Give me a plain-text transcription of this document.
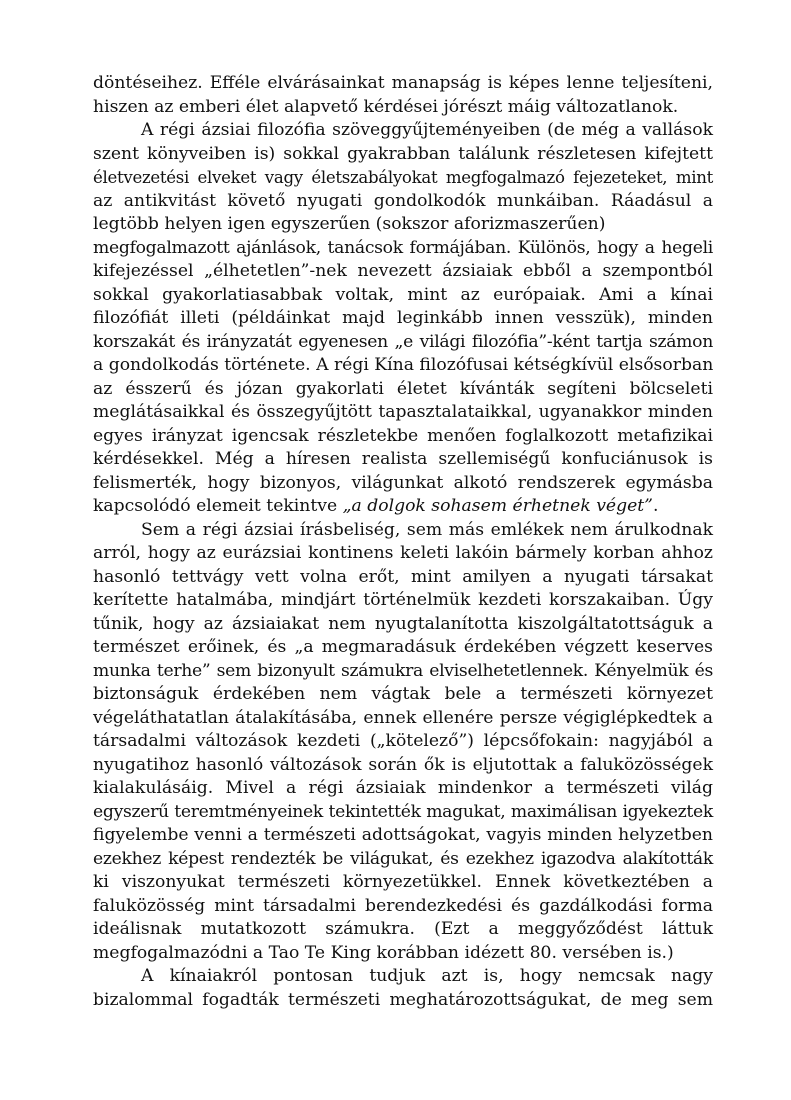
döntéseihez. Efféle elvárásainkat manapság is képes lenne teljesíteni,
hiszen az emberi élet alapvető kérdései jórészt máig változatlanok.
A régi ázsiai filozófia szöveggyűjteményeiben (de még a vallások
szent könyveiben is) sokkal gyakrabban találunk részletesen kifejtett
életvezetési elveket vagy életszabályokat megfogalmazó fejezeteket, mint
az antikvitást követő nyugati gondolkodók munkáiban. Ráadásul a
legtöbb helyen igen egyszerűen (sokszor aforizmaszerűen)
megfogalmazott ajánlások, tanácsok formájában. Különös, hogy a hegeli
kifejezéssel „élhetetlen”-nek nevezett ázsiaiak ebből a szempontból
sokkal gyakorlatiasabbak voltak, mint az európaiak. Ami a kínai
filozófiát illeti (példáinkat majd leginkább innen vesszük), minden
korszakát és irányzatát egyenesen „e világi filozófia”-ként tartja számon
a gondolkodás története. A régi Kína filozófusai kétségkívül elsősorban
az ésszerű és józan gyakorlati életet kívánták segíteni bölcseleti
meglátásaikkal és összegyűjtött tapasztalataikkal, ugyanakkor minden
egyes irányzat igencsak részletekbe menően foglalkozott metafizikai
kérdésekkel. Még a híresen realista szellemiségű konfuciánusok is
felismerték, hogy bizonyos, világunkat alkotó rendszerek egymásba
kapcsolódó elemeit tekintve „a dolgok sohasem érhetnek véget”.
Sem a régi ázsiai írásbeliség, sem más emlékek nem árulkodnak
arról, hogy az eurázsiai kontinens keleti lakóin bármely korban ahhoz
hasonló tettvágy vett volna erőt, mint amilyen a nyugati társakat
kerítette hatalmába, mindjárt történelmük kezdeti korszakaiban. Úgy
tűnik, hogy az ázsiaiakat nem nyugtalanította kiszolgáltatottságuk a
természet erőinek, és „a megmaradásuk érdekében végzett keserves
munka terhe” sem bizonyult számukra elviselhetetlennek. Kényelmük és
biztonságuk érdekében nem vágtak bele a természeti környezet
végeláthatatlan átalakításába, ennek ellenére persze végiglépkedtek a
társadalmi változások kezdeti („kötelező”) lépcsőfokain: nagyjából a
nyugatihoz hasonló változások során ők is eljutottak a faluközösségek
kialakulásáig. Mivel a régi ázsiaiak mindenkor a természeti világ
egyszerű teremtményeinek tekintették magukat, maximálisan igyekeztek
figyelembe venni a természeti adottságokat, vagyis minden helyzetben
ezekhez képest rendezték be világukat, és ezekhez igazodva alakították
ki viszonyukat természeti környezetükkel. Ennek következtében a
faluközösség mint társadalmi berendezkedési és gazdálkodási forma
ideálisnak mutatkozott számukra. (Ezt a meggyőződést láttuk
megfogalmazódni a Tao Te King korábban idézett 80. versében is.)
A kínaiakról pontosan tudjuk azt is, hogy nemcsak nagy
bizalommal fogadták természeti meghatározottságukat, de meg sem
